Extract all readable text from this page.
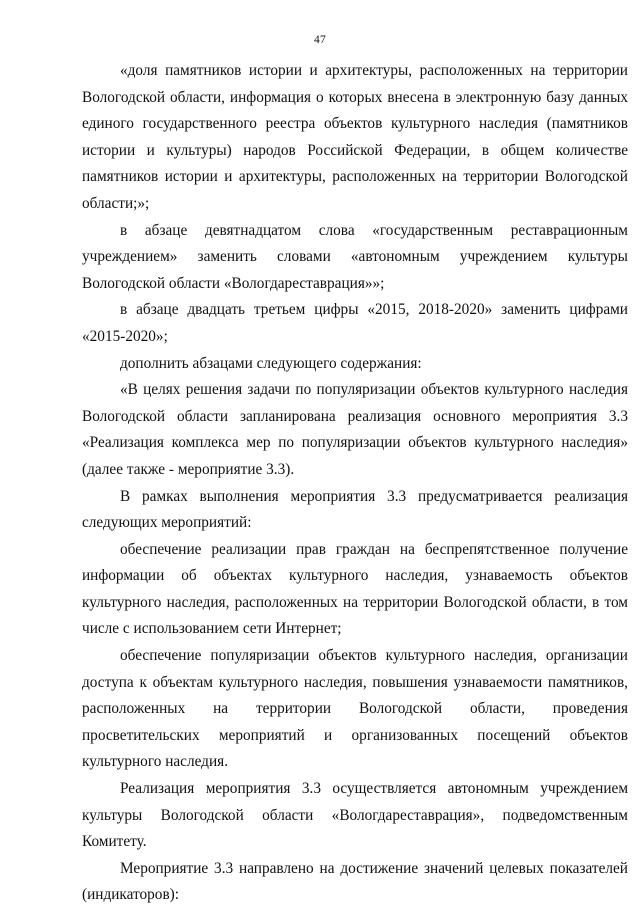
47

«доля памятников истории и архитектуры, расположенных на территории Вологодской области, информация о которых внесена в электронную базу данных единого государственного реестра объектов культурного наследия (памятников истории и культуры) народов Российской Федерации, в общем количестве памятников истории и архитектуры, расположенных на территории Вологодской области;»;

в абзаце девятнадцатом слова «государственным реставрационным
учреждением» заменить словами «автономным учреждением культуры
Вологодской области «Вологдареставрация»»;

в абзаце двадцать третьем цифры «2015, 2018-2020» заменить цифрами «2015-2020»;

дополнить абзацами следующего содержания:

«В целях решения задачи по популяризации объектов культурного наследия Вологодской области запланирована реализация основного мероприятия 3.3 «Реализация комплекса мер по популяризации объектов культурного наследия» (далее также - мероприятие 3.3).

В рамках выполнения мероприятия 3.3 предусматривается реализация следующих мероприятий:

обеспечение реализации прав граждан на беспрепятственное получение информации об объектах культурного наследия, узнаваемость объектов культурного наследия, расположенных на территории Вологодской области, в том числе с использованием сети Интернет;

обеспечение популяризации объектов культурного наследия, организации доступа к объектам культурного наследия, повышения узнаваемости памятников, расположенных на территории Вологодской области, проведения просветительских мероприятий и организованных посещений объектов культурного наследия.

Реализация мероприятия 3.3 осуществляется автономным учреждением культуры Вологодской области «Вологдареставрация», подведомственным Комитету.

Мероприятие 3.3 направлено на достижение значений целевых показателей (индикаторов):
